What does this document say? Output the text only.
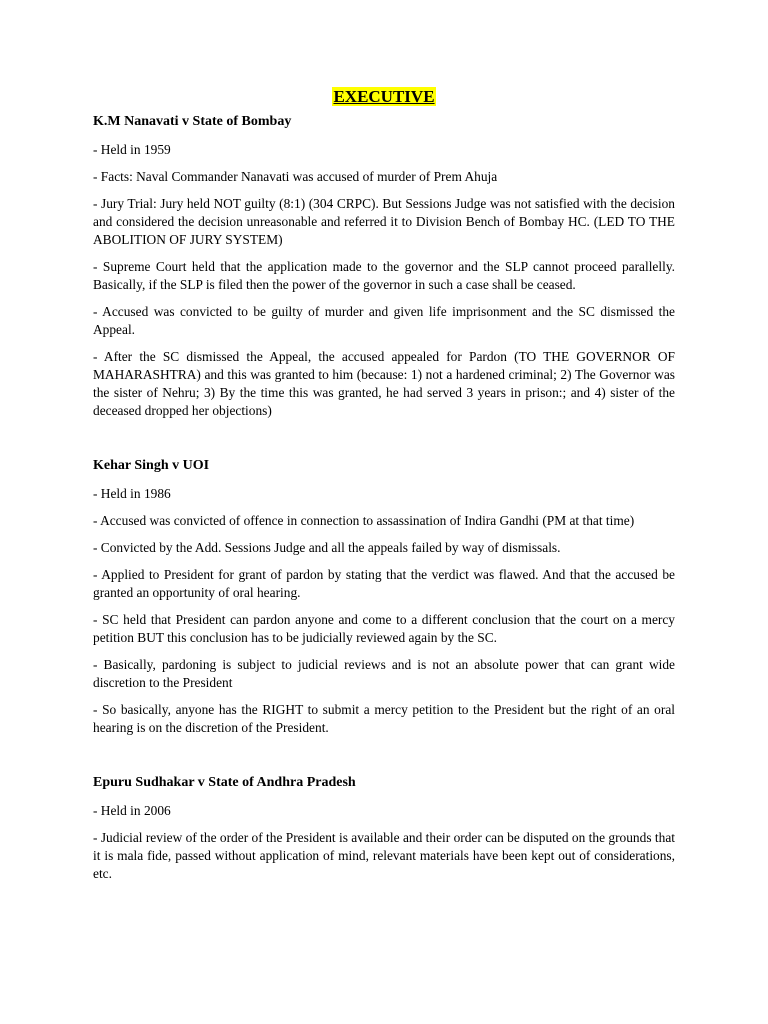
EXECUTIVE
K.M Nanavati v State of Bombay

- Held in 1959

- Facts: Naval Commander Nanavati was accused of murder of Prem Ahuja

- Jury Trial: Jury held NOT guilty (8:1) (304 CRPC). But Sessions Judge was not satisfied with the decision and considered the decision unreasonable and referred it to Division Bench of Bombay HC. (LED TO THE ABOLITION OF JURY SYSTEM)

- Supreme Court held that the application made to the governor and the SLP cannot proceed parallelly. Basically, if the SLP is filed then the power of the governor in such a case shall be ceased.

- Accused was convicted to be guilty of murder and given life imprisonment and the SC dismissed the Appeal.

- After the SC dismissed the Appeal, the accused appealed for Pardon (TO THE GOVERNOR OF MAHARASHTRA) and this was granted to him (because: 1) not a hardened criminal; 2) The Governor was the sister of Nehru; 3) By the time this was granted, he had served 3 years in prison:; and 4) sister of the deceased dropped her objections)

Kehar Singh v UOI

- Held in 1986

- Accused was convicted of offence in connection to assassination of Indira Gandhi (PM at that time)

- Convicted by the Add. Sessions Judge and all the appeals failed by way of dismissals.

- Applied to President for grant of pardon by stating that the verdict was flawed. And that the accused be granted an opportunity of oral hearing.

- SC held that President can pardon anyone and come to a different conclusion that the court on a mercy petition BUT this conclusion has to be judicially reviewed again by the SC.

- Basically, pardoning is subject to judicial reviews and is not an absolute power that can grant wide discretion to the President

- So basically, anyone has the RIGHT to submit a mercy petition to the President but the right of an oral hearing is on the discretion of the President.

Epuru Sudhakar v State of Andhra Pradesh

- Held in 2006

- Judicial review of the order of the President is available and their order can be disputed on the grounds that it is mala fide, passed without application of mind, relevant materials have been kept out of considerations, etc.
